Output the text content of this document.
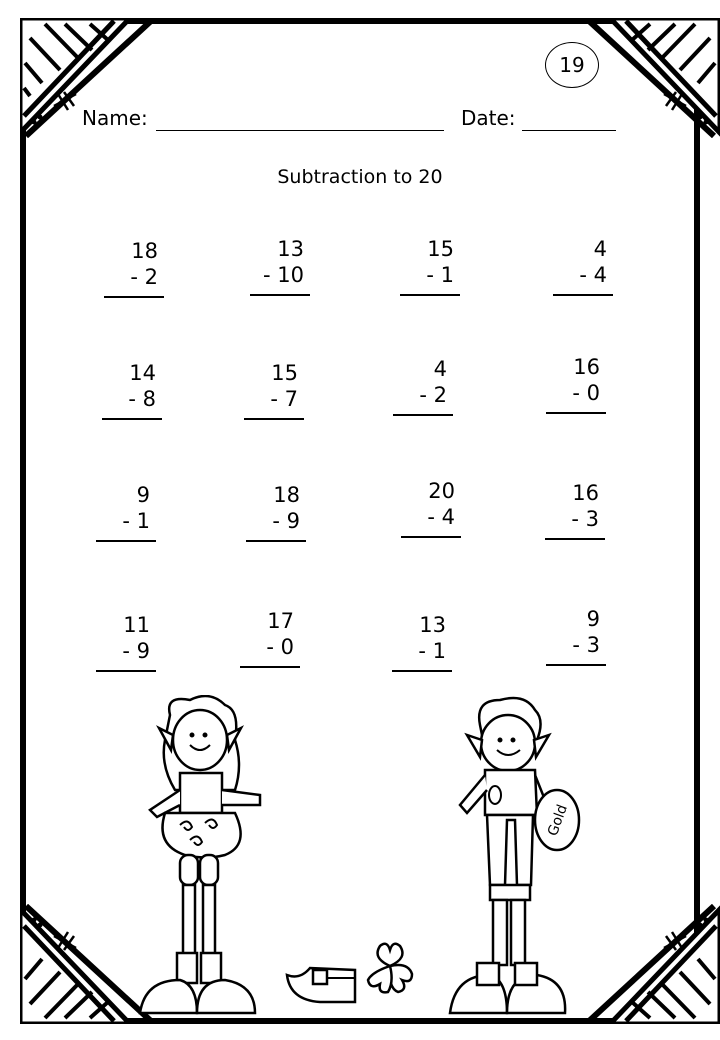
19
Name:	Date:
Subtraction to 20
18
- 2
13
- 10
15
- 1
4
- 4
14
- 8
15
- 7
4
- 2
16
- 0
9
- 1
18
- 9
20
- 4
16
- 3
11
- 9
17
- 0
13
- 1
9
- 3
Gold
